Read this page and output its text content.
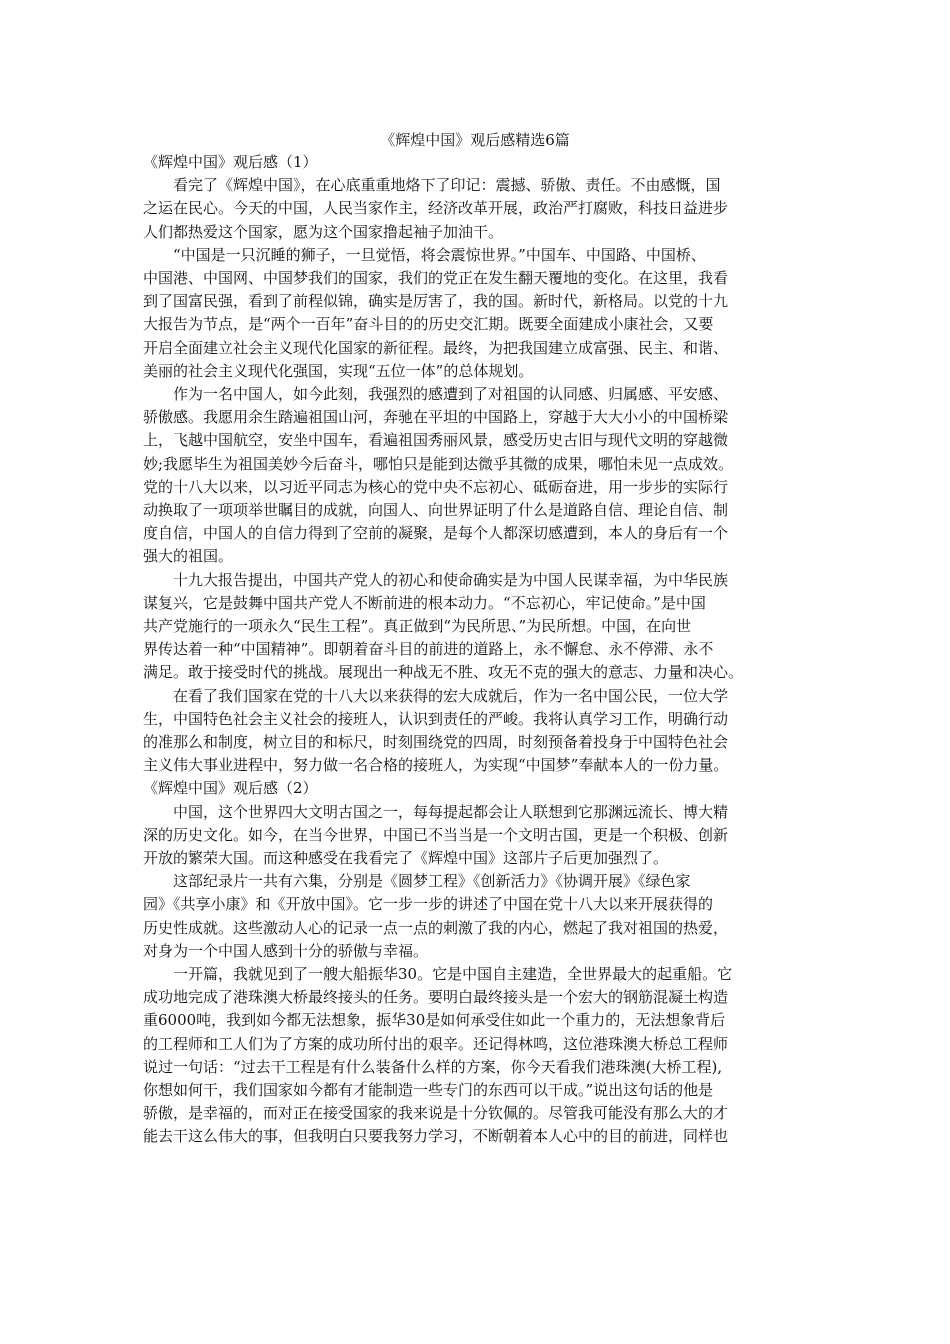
《辉煌中国》观后感精选6篇
《辉煌中国》观后感（1）
　　看完了《辉煌中国》，在心底重重地烙下了印记：震撼、骄傲、责任。不由感慨，国
之运在民心。今天的中国，人民当家作主，经济改革开展，政治严打腐败，科技日益进步
人们都热爱这个国家，愿为这个国家撸起袖子加油干。
　　“中国是一只沉睡的狮子，一旦觉悟，将会震惊世界。”中国车、中国路、中国桥、
中国港、中国网、中国梦我们的国家，我们的党正在发生翻天覆地的变化。在这里，我看
到了国富民强，看到了前程似锦，确实是厉害了，我的国。新时代，新格局。以党的十九
大报告为节点，是“两个一百年”奋斗目的的历史交汇期。既要全面建成小康社会，又要
开启全面建立社会主义现代化国家的新征程。最终，为把我国建立成富强、民主、和谐、
美丽的社会主义现代化强国，实现“五位一体”的总体规划。
　　作为一名中国人，如今此刻，我强烈的感遭到了对祖国的认同感、归属感、平安感、
骄傲感。我愿用余生踏遍祖国山河，奔驰在平坦的中国路上，穿越于大大小小的中国桥梁
上，飞越中国航空，安坐中国车，看遍祖国秀丽风景，感受历史古旧与现代文明的穿越微
妙;我愿毕生为祖国美妙今后奋斗，哪怕只是能到达微乎其微的成果，哪怕未见一点成效。
党的十八大以来，以习近平同志为核心的党中央不忘初心、砥砺奋进，用一步步的实际行
动换取了一项项举世瞩目的成就，向国人、向世界证明了什么是道路自信、理论自信、制
度自信，中国人的自信力得到了空前的凝聚，是每个人都深切感遭到，本人的身后有一个
强大的祖国。
　　十九大报告提出，中国共产党人的初心和使命确实是为中国人民谋幸福，为中华民族
谋复兴，它是鼓舞中国共产党人不断前进的根本动力。“不忘初心，牢记使命。”是中国
共产党施行的一项永久“民生工程”。真正做到“为民所思、”为民所想。中国，在向世
界传达着一种“中国精神”。即朝着奋斗目的前进的道路上，永不懈怠、永不停滞、永不
满足。敢于接受时代的挑战。展现出一种战无不胜、攻无不克的强大的意志、力量和决心。
　　在看了我们国家在党的十八大以来获得的宏大成就后，作为一名中国公民，一位大学
生，中国特色社会主义社会的接班人，认识到责任的严峻。我将认真学习工作，明确行动
的准那么和制度，树立目的和标尺，时刻围绕党的四周，时刻预备着投身于中国特色社会
主义伟大事业进程中，努力做一名合格的接班人，为实现“中国梦”奉献本人的一份力量。
《辉煌中国》观后感（2）
　　中国，这个世界四大文明古国之一，每每提起都会让人联想到它那渊远流长、博大精
深的历史文化。如今，在当今世界，中国已不当当是一个文明古国，更是一个积极、创新
开放的繁荣大国。而这种感受在我看完了《辉煌中国》这部片子后更加强烈了。
　　这部纪录片一共有六集，分别是《圆梦工程》《创新活力》《协调开展》《绿色家
园》《共享小康》和《开放中国》。它一步一步的讲述了中国在党十八大以来开展获得的
历史性成就。这些激动人心的记录一点一点的刺激了我的内心，燃起了我对祖国的热爱，
对身为一个中国人感到十分的骄傲与幸福。
　　一开篇，我就见到了一艘大船振华30。它是中国自主建造，全世界最大的起重船。它
成功地完成了港珠澳大桥最终接头的任务。要明白最终接头是一个宏大的钢筋混凝土构造
重6000吨，我到如今都无法想象，振华30是如何承受住如此一个重力的，无法想象背后
的工程师和工人们为了方案的成功所付出的艰辛。还记得林鸣，这位港珠澳大桥总工程师
说过一句话：“过去干工程是有什么装备什么样的方案，你今天看我们港珠澳(大桥工程),
你想如何干，我们国家如今都有才能制造一些专门的东西可以干成。”说出这句话的他是
骄傲，是幸福的，而对正在接受国家的我来说是十分钦佩的。尽管我可能没有那么大的才
能去干这么伟大的事，但我明白只要我努力学习，不断朝着本人心中的目的前进，同样也
